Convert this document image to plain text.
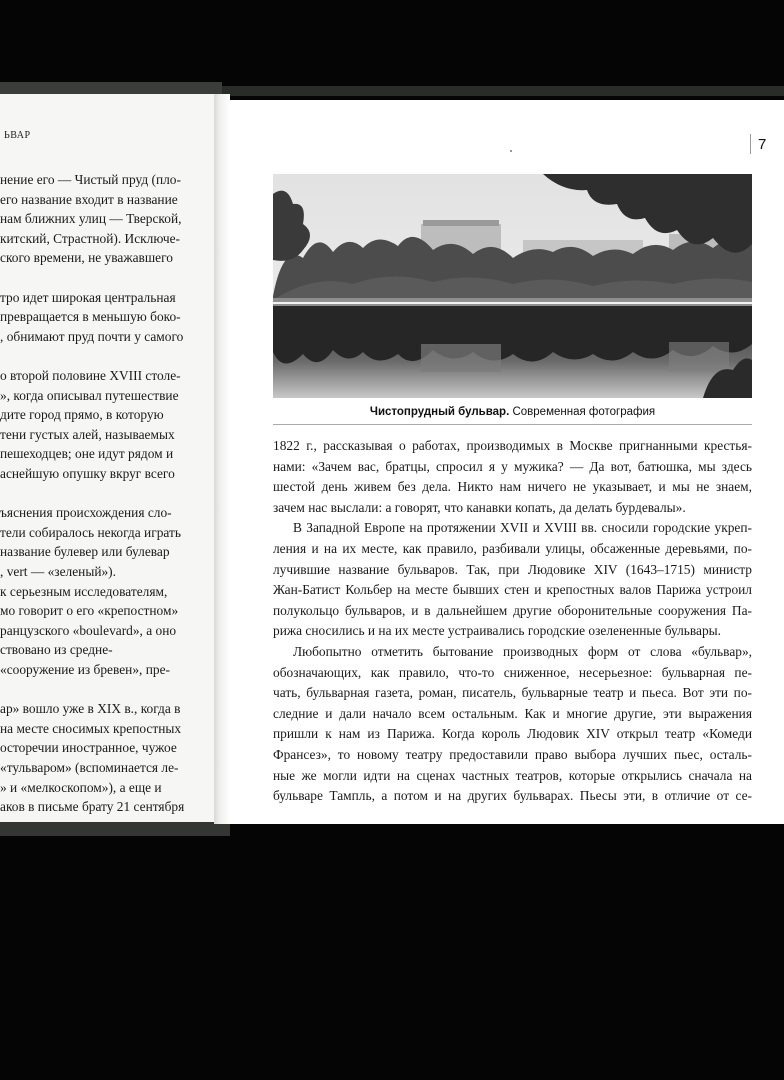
ЬВАР
нение его — Чистый пруд (пло-
его название входит в название
нам ближних улиц — Тверской,
китский, Страстной). Исключе-
ского времени, не уважавшего
тро идет широкая центральная
превращается в меньшую боко-
, обнимают пруд почти у самого
о второй половине XVIII столе-
», когда описывал путешествие
дите город прямо, в которую
тени густых алей, называемых
пешеходцев; оне идут рядом и
аснейшую опушку вкруг всего
ъяснения происхождения сло-
тели собиралось некогда играть
название булевер или булевар
, vert — «зеленый»).
к серьезным исследователям,
мо говорит о его «крепостном»
ранцузского «boulevard», а оно
ствовано из средне-
«сооружение из бревен», пре-
ар» вошло уже в XIX в., когда в
на месте сносимых крепостных
осторечии иностранное, чужое
«тульваром» (вспоминается ле-
» и «мелкоскопом»), а еще и
аков в письме брату 21 сентября
7
Чистопрудный бульвар. Современная фотография
1822 г., рассказывая о работах, производимых в Москве пригнанными крестья-
нами: «Зачем вас, братцы, спросил я у мужика? — Да вот, батюшка, мы здесь
шестой день живем без дела. Никто нам ничего не указывает, и мы не знаем,
зачем нас выслали: а говорят, что канавки копать, да делать бурдевалы».
В Западной Европе на протяжении XVII и XVIII вв. сносили городские укреп-
ления и на их месте, как правило, разбивали улицы, обсаженные деревьями, по-
лучившие название бульваров. Так, при Людовике XIV (1643–1715) министр
Жан-Батист Кольбер на месте бывших стен и крепостных валов Парижа устроил
полукольцо бульваров, и в дальнейшем другие оборонительные сооружения Па-
рижа сносились и на их месте устраивались городские озелененные бульвары.
Любопытно отметить бытование производных форм от слова «бульвар»,
обозначающих, как правило, что-то сниженное, несерьезное: бульварная пе-
чать, бульварная газета, роман, писатель, бульварные театр и пьеса. Вот эти по-
следние и дали начало всем остальным. Как и многие другие, эти выражения
пришли к нам из Парижа. Когда король Людовик XIV открыл театр «Комеди
Франсез», то новому театру предоставили право выбора лучших пьес, осталь-
ные же могли идти на сценах частных театров, которые открылись сначала на
бульваре Тампль, а потом и на других бульварах. Пьесы эти, в отличие от се-
